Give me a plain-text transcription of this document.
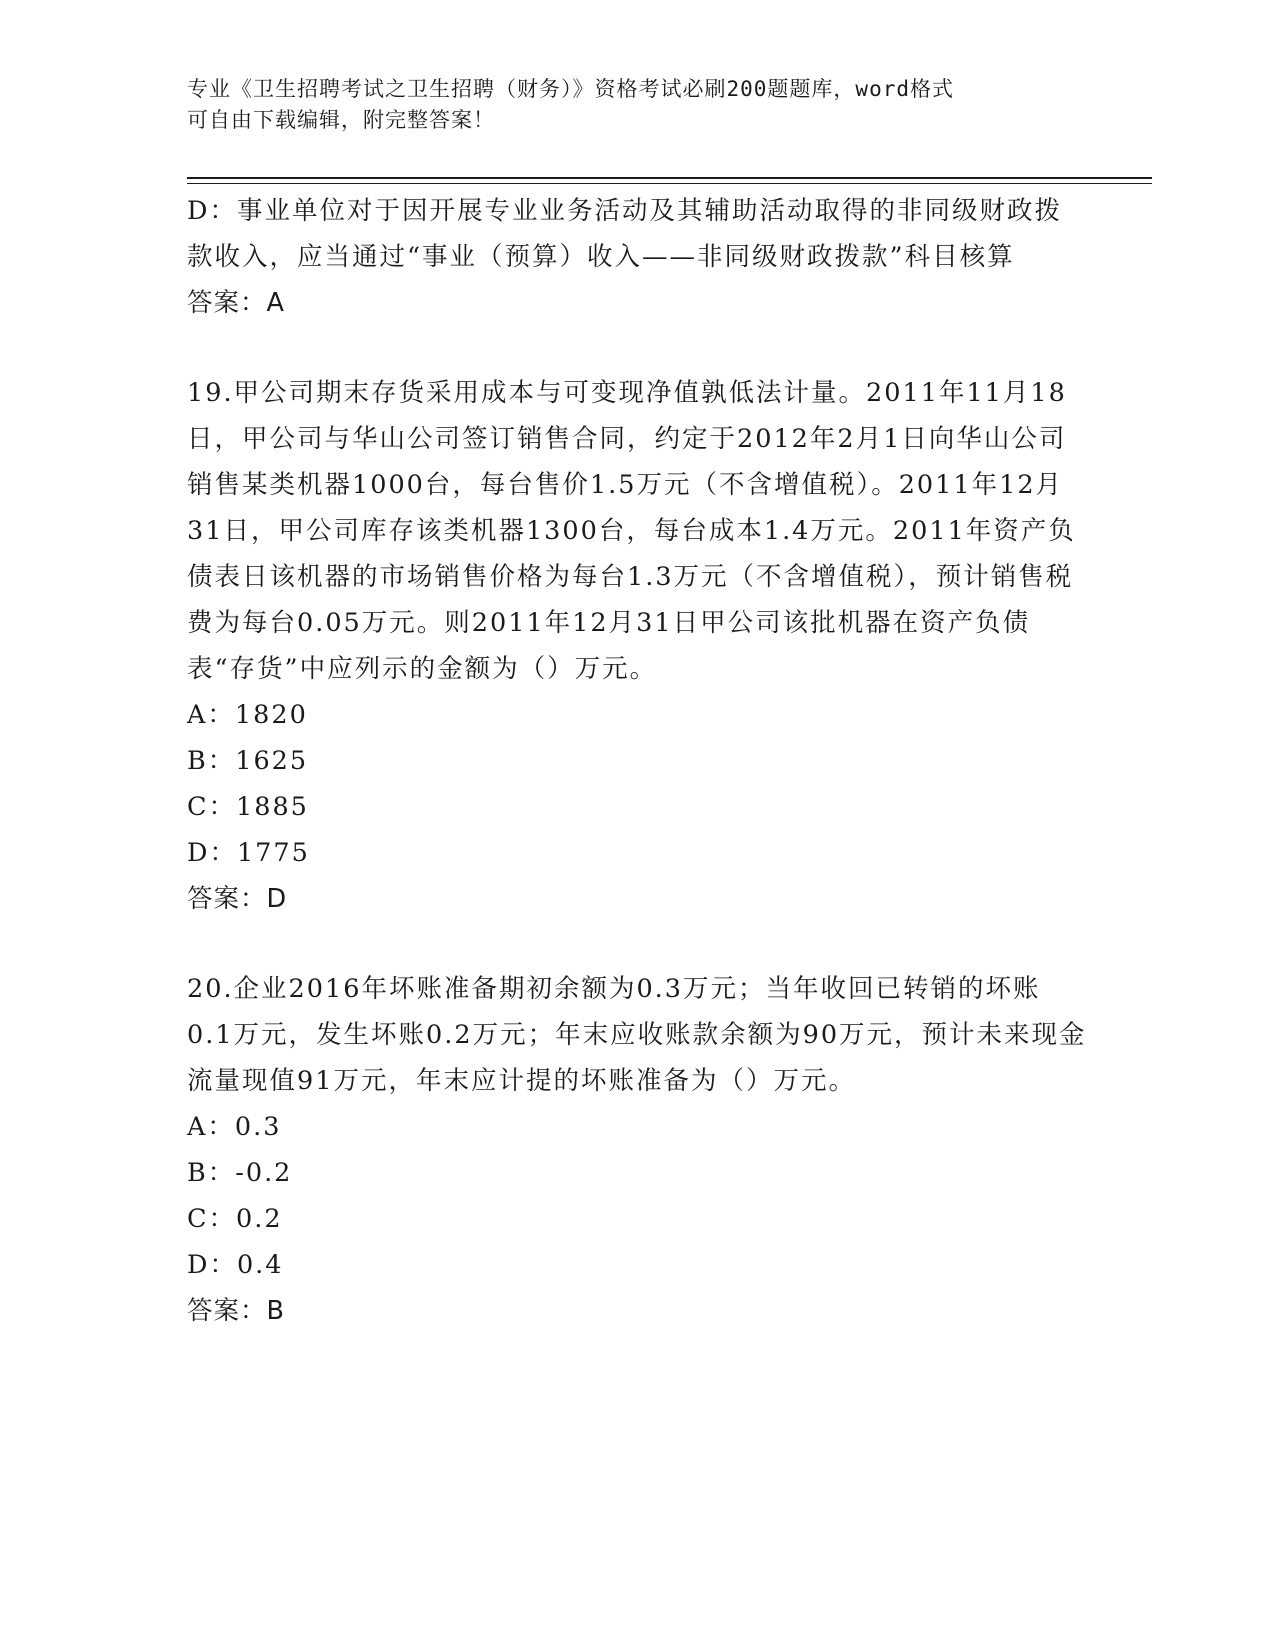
专业《卫生招聘考试之卫生招聘（财务）》资格考试必刷200题题库，word格式
可自由下载编辑，附完整答案！

D：事业单位对于因开展专业业务活动及其辅助活动取得的非同级财政拨款收入，应当通过“事业（预算）收入——非同级财政拨款”科目核算

答案：A

19.甲公司期末存货采用成本与可变现净值孰低法计量。2011年11月18日，甲公司与华山公司签订销售合同，约定于2012年2月1日向华山公司销售某类机器1000台，每台售价1.5万元（不含增值税）。2011年12月31日，甲公司库存该类机器1300台，每台成本1.4万元。2011年资产负债表日该机器的市场销售价格为每台1.3万元（不含增值税），预计销售税费为每台0.05万元。则2011年12月31日甲公司该批机器在资产负债表“存货”中应列示的金额为（）万元。

A：1820
B：1625
C：1885
D：1775
答案：D

20.企业2016年坏账准备期初余额为0.3万元；当年收回已转销的坏账0.1万元，发生坏账0.2万元；年末应收账款余额为90万元，预计未来现金流量现值91万元，年末应计提的坏账准备为（）万元。

A：0.3
B：-0.2
C：0.2
D：0.4
答案：B
